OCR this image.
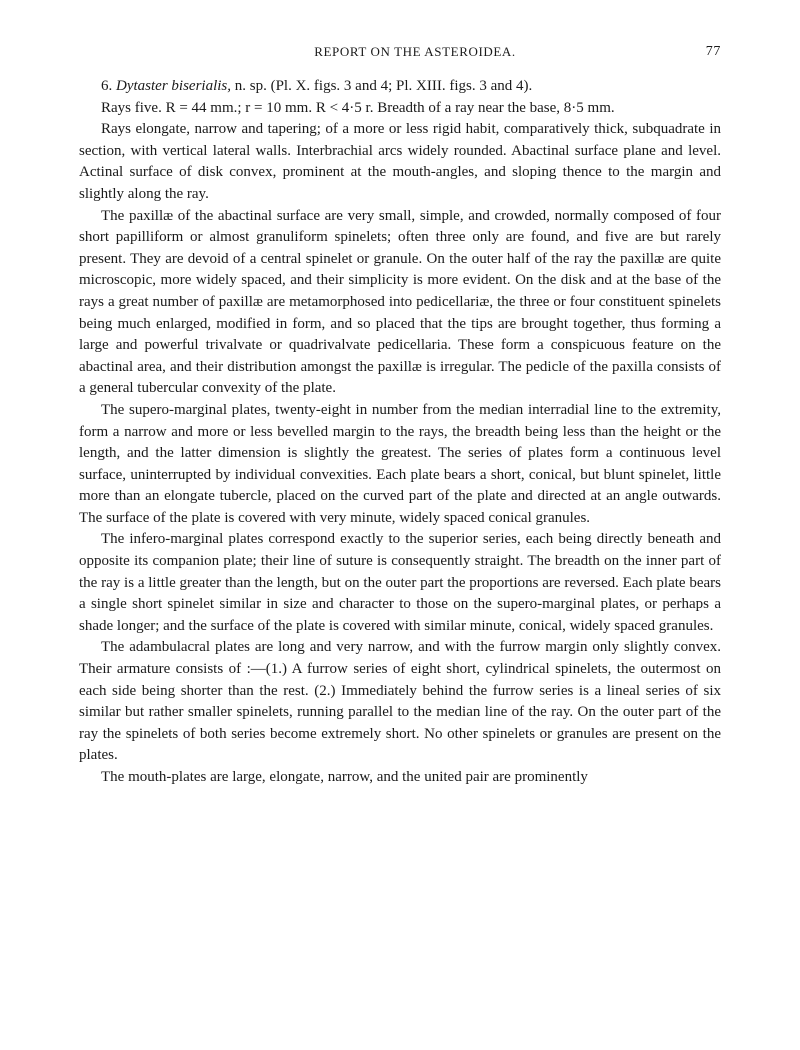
REPORT ON THE ASTEROIDEA.	77

6. Dytaster biserialis, n. sp. (Pl. X. figs. 3 and 4; Pl. XIII. figs. 3 and 4).

Rays five. R = 44 mm.; r = 10 mm. R < 4·5 r. Breadth of a ray near the base, 8·5 mm.

Rays elongate, narrow and tapering; of a more or less rigid habit, comparatively thick, subquadrate in section, with vertical lateral walls. Interbrachial arcs widely rounded. Abactinal surface plane and level. Actinal surface of disk convex, prominent at the mouth-angles, and sloping thence to the margin and slightly along the ray.

The paxillæ of the abactinal surface are very small, simple, and crowded, normally composed of four short papilliform or almost granuliform spinelets; often three only are found, and five are but rarely present. They are devoid of a central spinelet or granule. On the outer half of the ray the paxillæ are quite microscopic, more widely spaced, and their simplicity is more evident. On the disk and at the base of the rays a great number of paxillæ are metamorphosed into pedicellariæ, the three or four constituent spinelets being much enlarged, modified in form, and so placed that the tips are brought together, thus forming a large and powerful trivalvate or quadrivalvate pedicellaria. These form a conspicuous feature on the abactinal area, and their distribution amongst the paxillæ is irregular. The pedicle of the paxilla consists of a general tubercular convexity of the plate.

The supero-marginal plates, twenty-eight in number from the median interradial line to the extremity, form a narrow and more or less bevelled margin to the rays, the breadth being less than the height or the length, and the latter dimension is slightly the greatest. The series of plates form a continuous level surface, uninterrupted by individual convexities. Each plate bears a short, conical, but blunt spinelet, little more than an elongate tubercle, placed on the curved part of the plate and directed at an angle outwards. The surface of the plate is covered with very minute, widely spaced conical granules.

The infero-marginal plates correspond exactly to the superior series, each being directly beneath and opposite its companion plate; their line of suture is consequently straight. The breadth on the inner part of the ray is a little greater than the length, but on the outer part the proportions are reversed. Each plate bears a single short spinelet similar in size and character to those on the supero-marginal plates, or perhaps a shade longer; and the surface of the plate is covered with similar minute, conical, widely spaced granules.

The adambulacral plates are long and very narrow, and with the furrow margin only slightly convex. Their armature consists of :—(1.) A furrow series of eight short, cylindrical spinelets, the outermost on each side being shorter than the rest. (2.) Immediately behind the furrow series is a lineal series of six similar but rather smaller spinelets, running parallel to the median line of the ray. On the outer part of the ray the spinelets of both series become extremely short. No other spinelets or granules are present on the plates.

The mouth-plates are large, elongate, narrow, and the united pair are prominently
